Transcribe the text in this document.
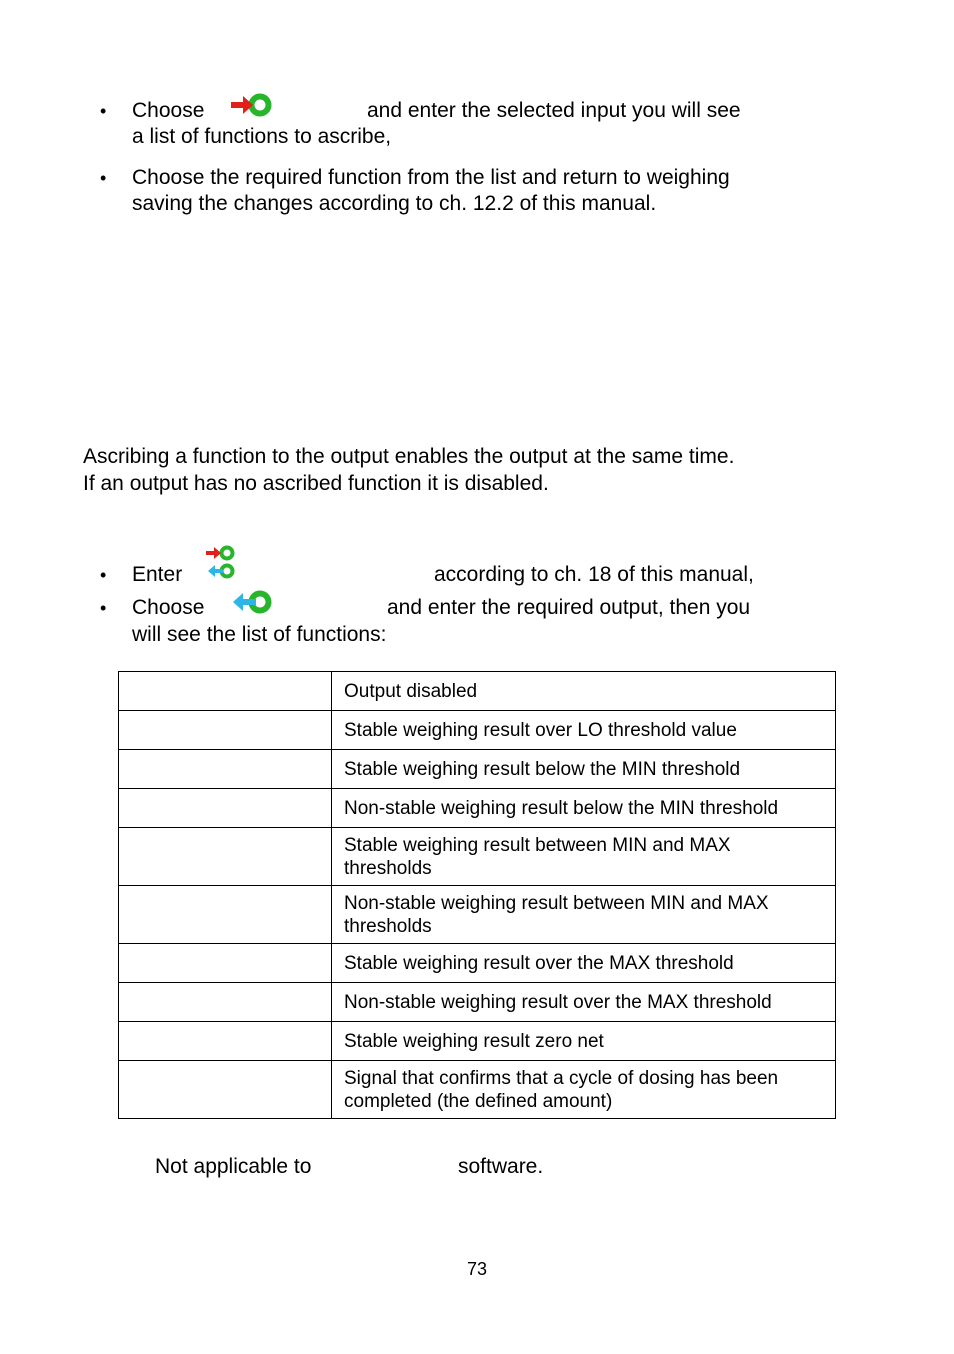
• Choose	and enter the selected input you will see
a list of functions to ascribe,
• Choose the required function from the list and return to weighing
saving the changes according to ch. 12.2 of this manual.
Ascribing a function to the output enables the output at the same time.
If an output has no ascribed function it is disabled.
• Enter	according to ch. 18 of this manual,
• Choose	and enter the required output, then you
will see the list of functions:
	Output disabled
	Stable weighing result over LO threshold value
	Stable weighing result below the MIN threshold
	Non-stable weighing result below the MIN threshold
	Stable weighing result between MIN and MAX thresholds
	Non-stable weighing result between MIN and MAX thresholds
	Stable weighing result over the MAX threshold
	Non-stable weighing result over the MAX threshold
	Stable weighing result zero net
	Signal that confirms that a cycle of dosing has been completed (the defined amount)
Not applicable to	software.
73
